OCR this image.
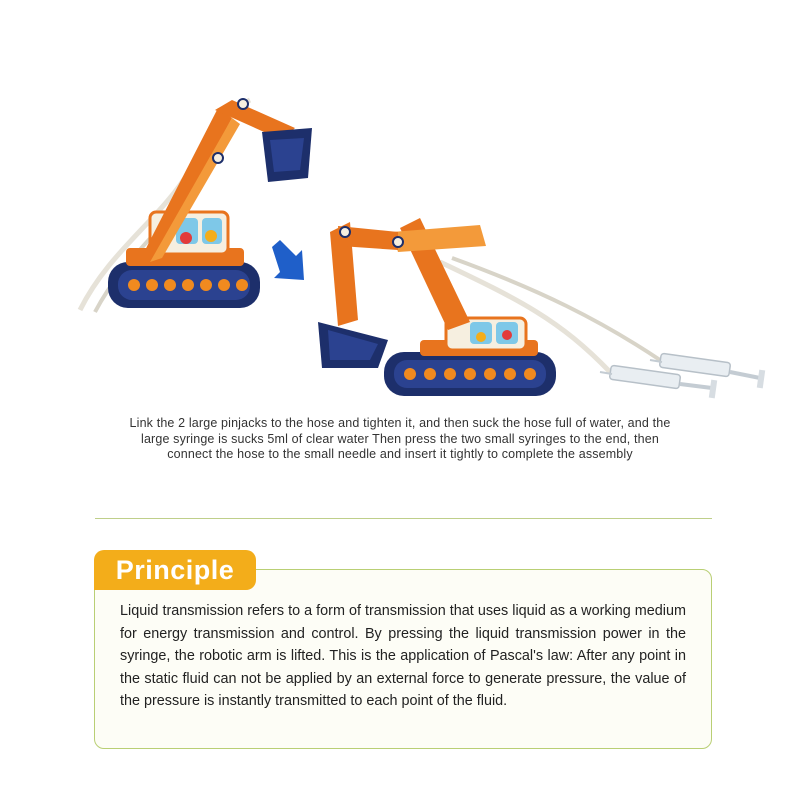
Link the 2 large pinjacks to the hose and tighten it, and then suck the hose full of water, and the large syringe is sucks 5ml of clear water Then press the two small syringes to the end, then connect the hose to the small needle and insert it tightly to complete the assembly

Principle

Liquid transmission refers to a form of transmission that uses liquid as a working medium for energy transmission and control. By pressing the liquid transmission power in the syringe, the robotic arm is lifted. This is the application of Pascal's law: After any point in the static fluid can not be applied by an external force to generate pressure, the value of the pressure is instantly transmitted to each point of the fluid.
